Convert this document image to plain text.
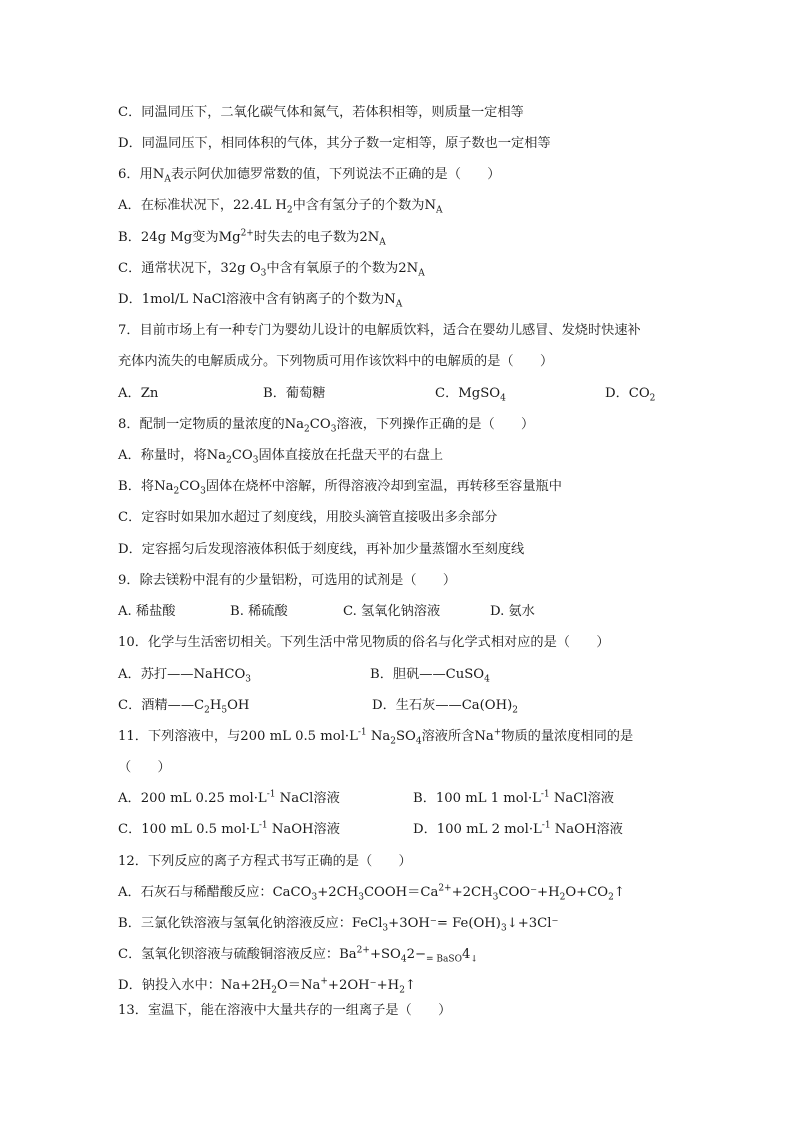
C．同温同压下，二氧化碳气体和氮气，若体积相等，则质量一定相等
D．同温同压下，相同体积的气体，其分子数一定相等，原子数也一定相等
6．用$N_A$表示阿伏加德罗常数的值，下列说法不正确的是（　　）
A．在标准状况下，22.4L $H_2$中含有氢分子的个数为$N_A$
B．24g Mg变为$Mg^{2+}$时失去的电子数为$2N_A$
C．通常状况下，32g $O_3$中含有氧原子的个数为$2N_A$
D．1mol/L NaCl溶液中含有钠离子的个数为$N_A$
7．目前市场上有一种专门为婴幼儿设计的电解质饮料，适合在婴幼儿感冒、发烧时快速补
充体内流失的电解质成分。下列物质可用作该饮料中的电解质的是（　　）
8．配制一定物质的量浓度的$Na_2CO_3$溶液，下列操作正确的是（　　）
A．称量时，将$Na_2CO_3$固体直接放在托盘天平的右盘上
B．将$Na_2CO_3$固体在烧杯中溶解，所得溶液冷却到室温，再转移至容量瓶中
C．定容时如果加水超过了刻度线，用胶头滴管直接吸出多余部分
D．定容摇匀后发现溶液体积低于刻度线，再补加少量蒸馏水至刻度线
9．除去镁粉中混有的少量铝粉，可选用的试剂是（　　）
10．化学与生活密切相关。下列生活中常见物质的俗名与化学式相对应的是（　　）
11．下列溶液中，与200 mL 0.5 $mol\cdot L^{-1}$ $Na_2SO_4$溶液所含Na+物质的量浓度相同的是
（　　）
12．下列反应的离子方程式书写正确的是（　　）
A．石灰石与稀醋酸反应：$CaCO_3+2CH_3COOH=Ca^{2+}+2CH_3COO^-+H_2O+CO_2↑$
B．三氯化铁溶液与氢氧化钠溶液反应：FeCl$_3$+3OH⁻= $Fe(OH)_3↓+3Cl^-$
C．氢氧化钡溶液与硫酸铜溶液反应：$Ba^{2+}+SO_42-_{= BaSO}4_↓$
D．钠投入水中：$Na+2H_2O=Na^++2OH^-+H_2↑$
13．室温下，能在溶液中大量共存的一组离子是（　　）
A．Zn	B．葡萄糖	C．MgSO$_4$	D．$CO_2$
A. 稀盐酸	B. 稀硫酸	C. 氢氧化钠溶液	D. 氨水
A．苏打——NaHCO$_3$	B．胆矾——CuSO$_4$
C．酒精$——C_2H_5OH$	D．生石灰$——Ca(OH)_2$
A．200 mL 0.25 $mol\cdot L^{-1}$ NaCl溶液	B．100 mL 1 $mol\cdot L^{-1}$ NaCl溶液
C．100 mL 0.5 $mol\cdot L^{-1}$ NaOH溶液	D．100 mL 2 $mol\cdot L^{-1}$ NaOH溶液
